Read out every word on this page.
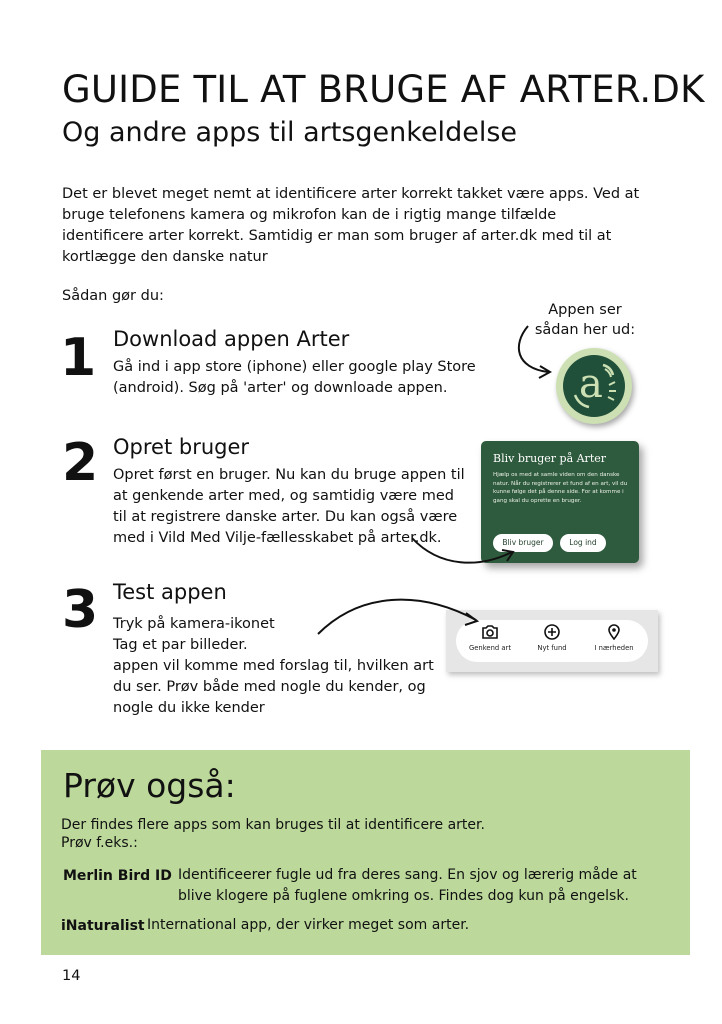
GUIDE TIL AT BRUGE AF ARTER.DK
Og andre apps til artsgenkeldelse

Det er blevet meget nemt at identificere arter korrekt takket være apps. Ved at bruge telefonens kamera og mikrofon kan de i rigtig mange tilfælde identificere arter korrekt. Samtidig er man som bruger af arter.dk med til at kortlægge den danske natur

Sådan gør du:
1 Download appen Arter

Gå ind i app store (iphone) eller google play Store (android). Søg på 'arter' og downloade appen.

2 Opret bruger

Opret først en bruger. Nu kan du bruge appen til at genkende arter med, og samtidig være med til at registrere danske arter. Du kan også være med i Vild Med Vilje-fællesskabet på arter.dk.

3 Test appen
Tryk på kamera-ikonet
Tag et par billeder.
appen vil komme med forslag til, hvilken art du ser. Prøv både med nogle du kender, og nogle du ikke kender
Appen ser sådan her ud:
a
Bliv bruger på Arter

Hjælp os med at samle viden om den danske natur. Når du registrerer et fund af en art, vil du kunne følge det på denne side. For at komme i gang skal du oprette en bruger.

Bliv bruger	Log ind
Genkend art	Nyt fund	I nærheden
Prøv også:
Der findes flere apps som kan bruges til at identificere arter.
Prøv f.eks.:
Merlin Bird ID Identificeerer fugle ud fra deres sang. En sjov og lærerig måde at blive klogere på fuglene omkring os. Findes dog kun på engelsk.

iNaturalist International app, der virker meget som arter.

14
